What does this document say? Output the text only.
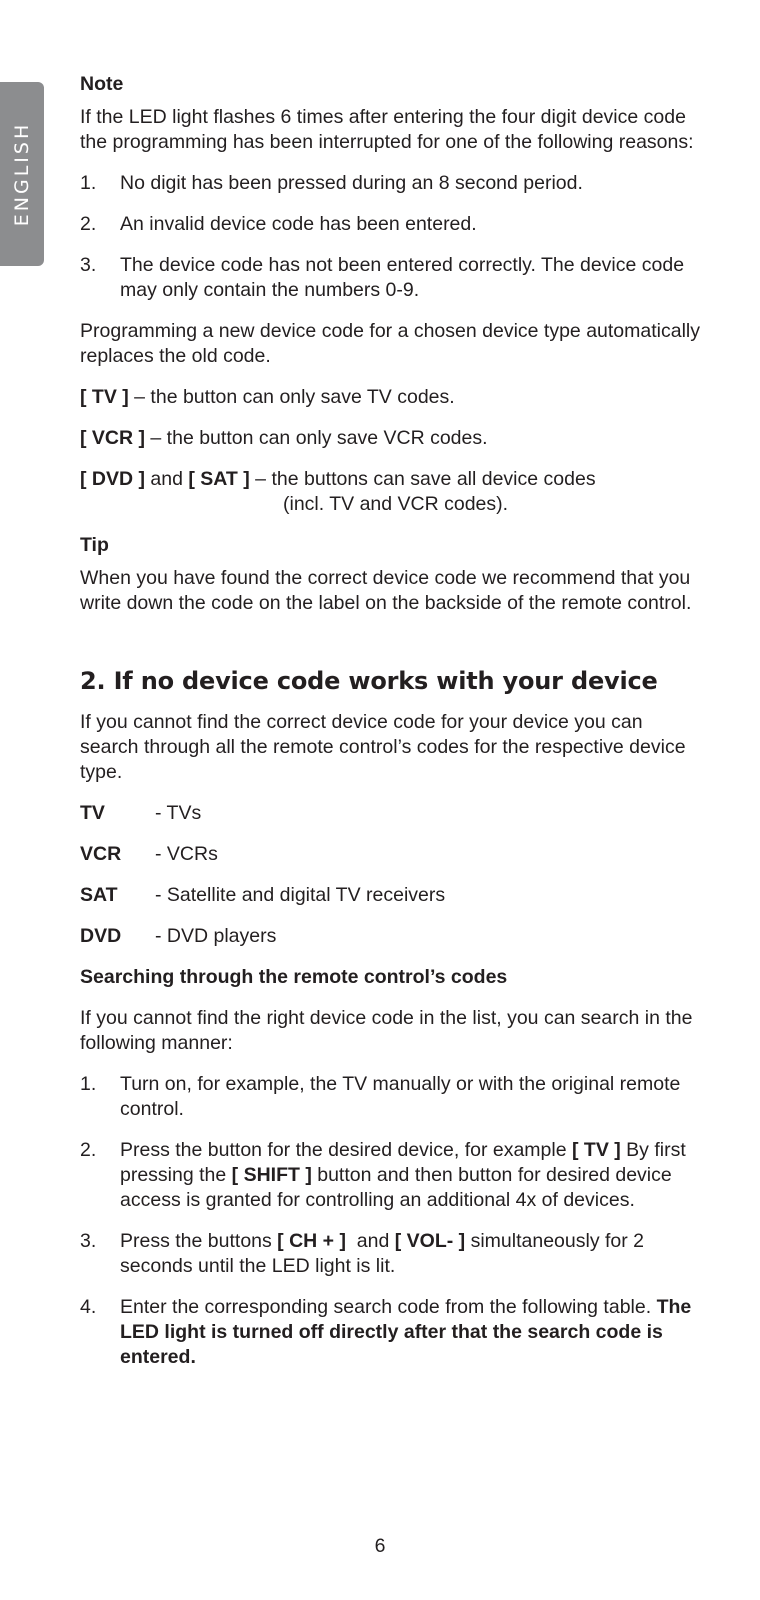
ENGLISH

Note

If the LED light flashes 6 times after entering the four digit device code the programming has been interrupted for one of the following reasons:

1.	No digit has been pressed during an 8 second period.
2.	An invalid device code has been entered.
3.	The device code has not been entered correctly. The device code may only contain the numbers 0-9.

Programming a new device code for a chosen device type automatically replaces the old code.

[ TV ] – the button can only save TV codes.

[ VCR ] – the button can only save VCR codes.

[ DVD ] and [ SAT ] – the buttons can save all device codes

(incl. TV and VCR codes).

Tip

When you have found the correct device code we recommend that you write down the code on the label on the backside of the remote control.

2. If no device code works with your device

If you cannot find the correct device code for your device you can search through all the remote control’s codes for the respective device type.

TV	- TVs
VCR	- VCRs
SAT	- Satellite and digital TV receivers
DVD	- DVD players

Searching through the remote control’s codes

If you cannot find the right device code in the list, you can search in the following manner:

1.	Turn on, for example, the TV manually or with the original remote control.
2.	Press the button for the desired device, for example [ TV ] By first pressing the [ SHIFT ] button and then button for desired device access is granted for controlling an additional 4x of devices.
3.	Press the buttons [ CH + ]  and [ VOL- ] simultaneously for 2 seconds until the LED light is lit.
4.	Enter the corresponding search code from the following table. The LED light is turned off directly after that the search code is entered.
6
